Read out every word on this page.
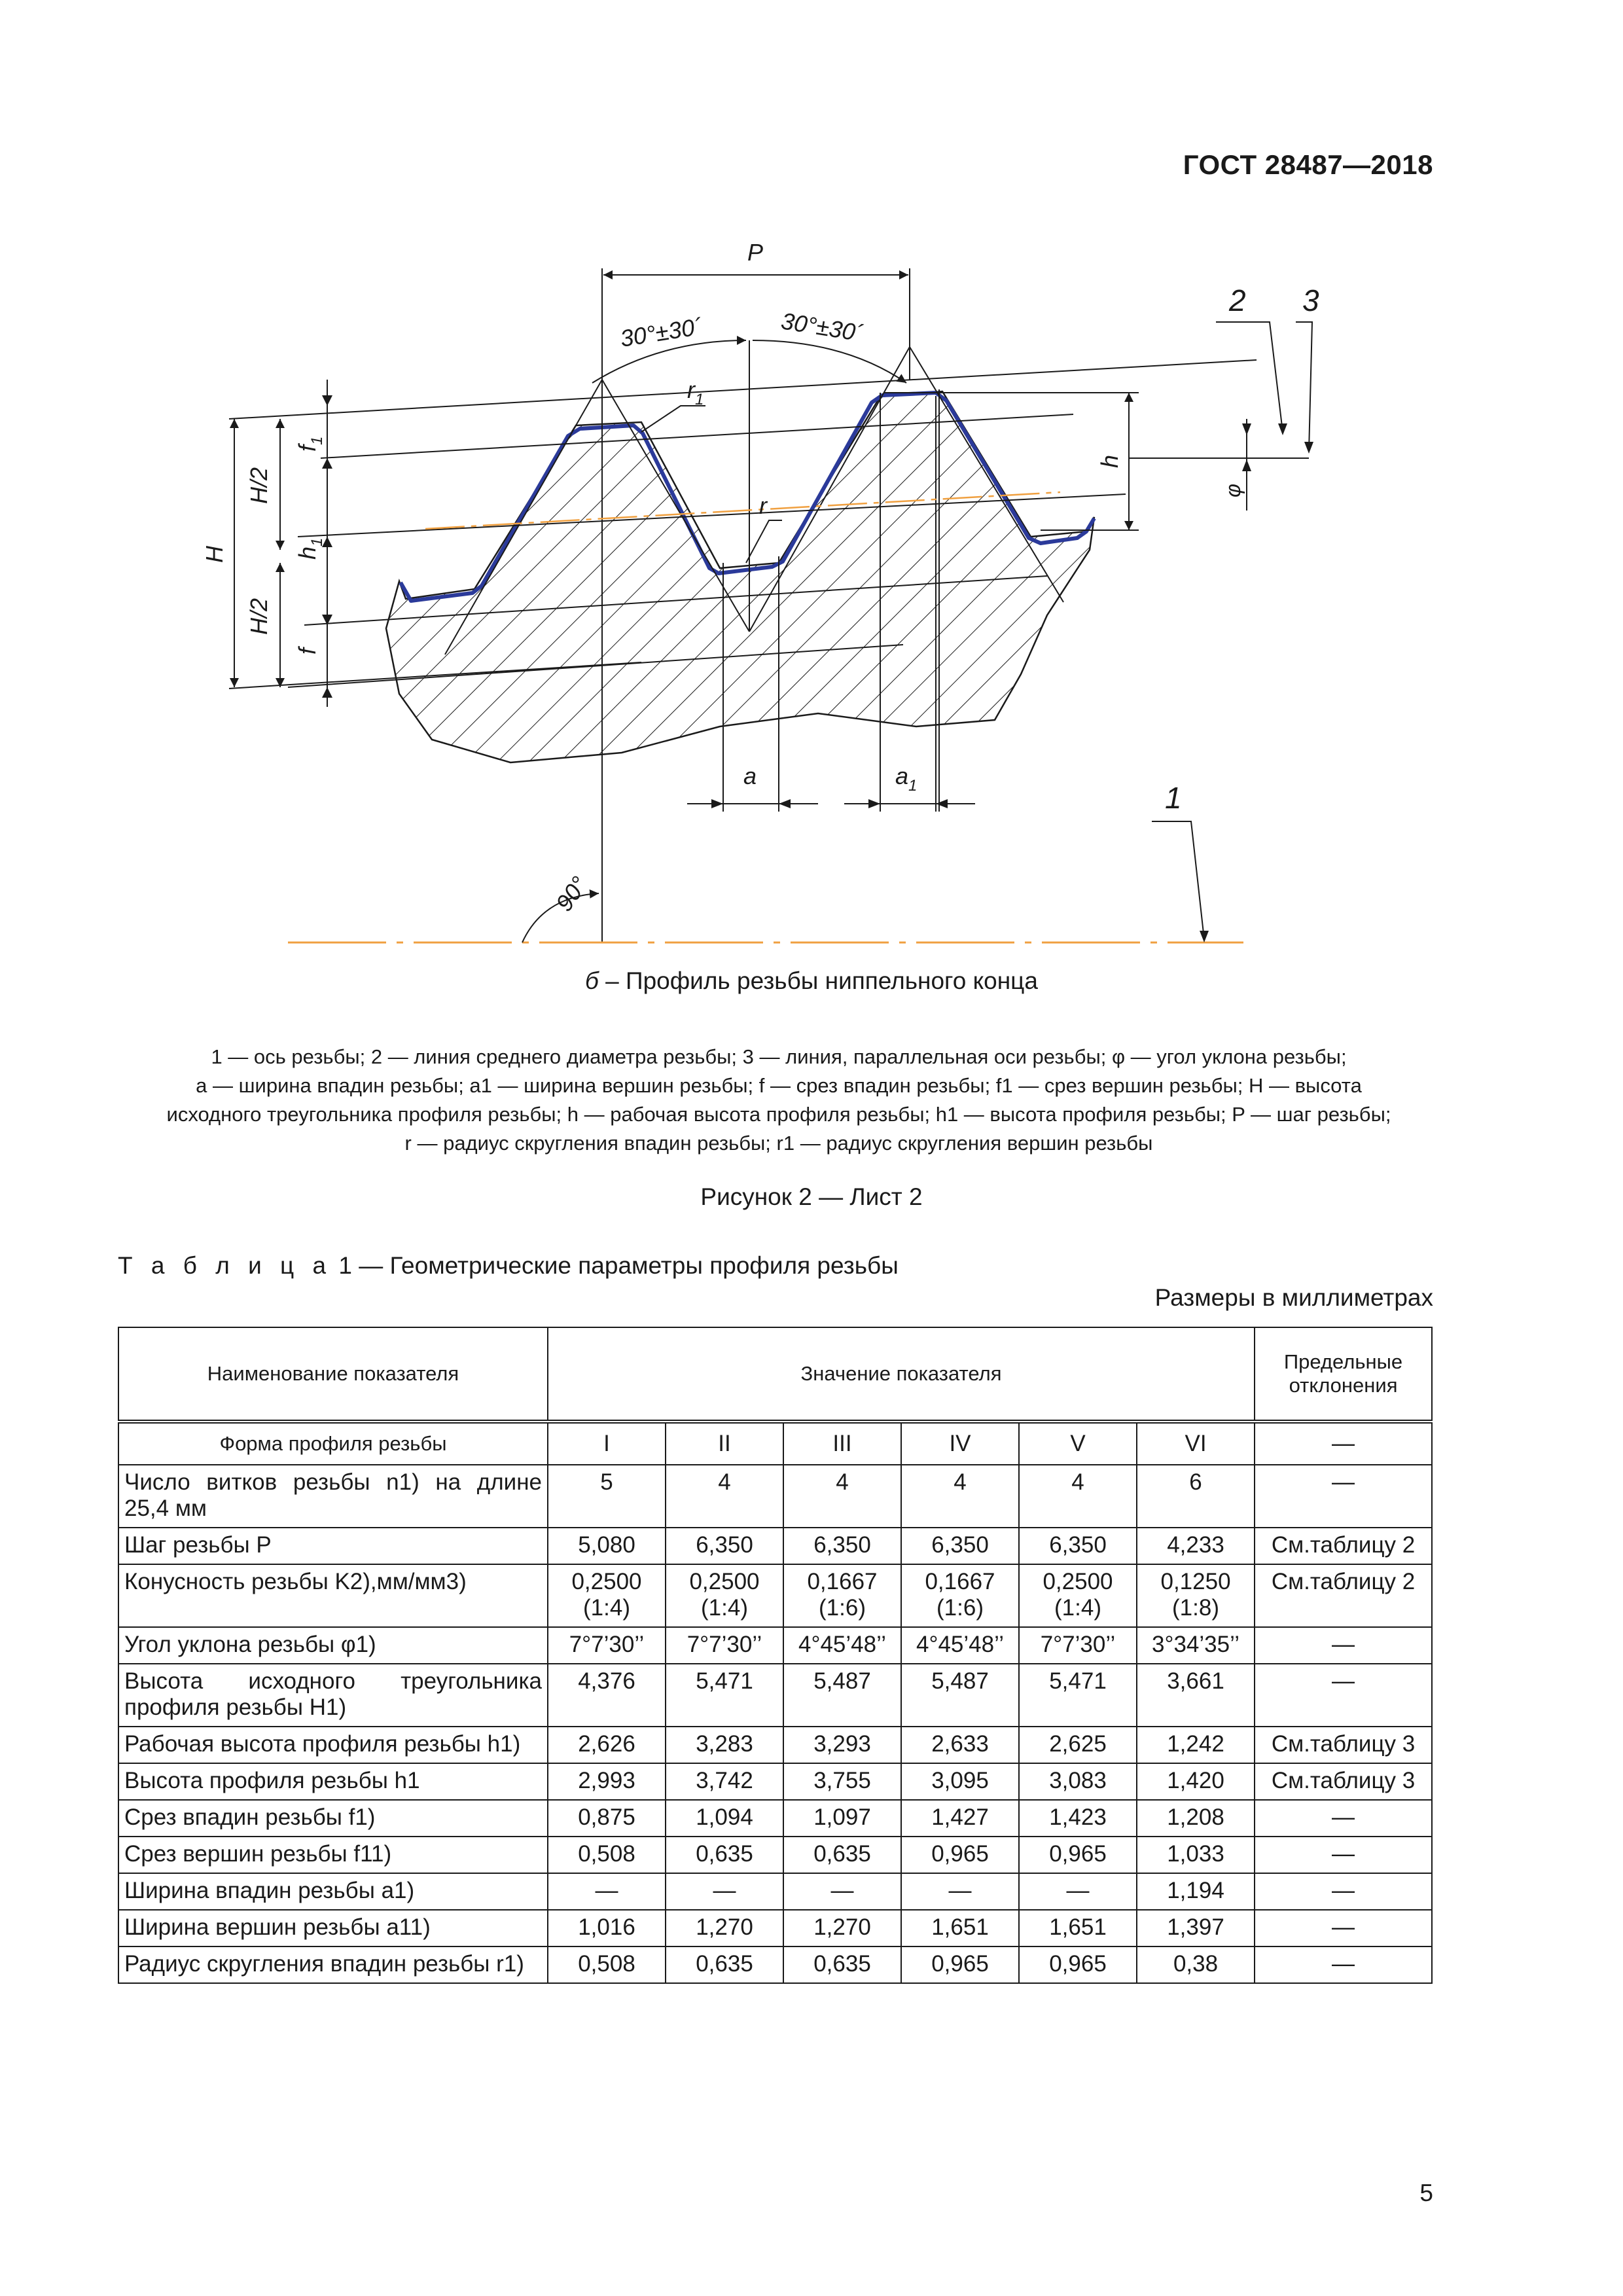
ГОСТ 28487—2018
P
30°±30´	30°±30´
$r_1$
r
H
H/2
H/2
$f_1$
$h_1$
f
h
φ
a	$a_1$
90°
1
2 3
б – Профиль резьбы ниппельного конца
1 — ось резьбы; 2 — линия среднего диаметра резьбы; 3 — линия, параллельная оси резьбы; φ — угол уклона резьбы;
a — ширина впадин резьбы; a1 — ширина вершин резьбы; f — срез впадин резьбы; f1 — срез вершин резьбы; H — высота
исходного треугольника профиля резьбы; h — рабочая высота профиля резьбы; h1 — высота профиля резьбы; P — шаг резьбы;
r — радиус скругления впадин резьбы; r1 — радиус скругления вершин резьбы
Рисунок 2 — Лист 2
Т а б л и ц а 1 — Геометрические параметры профиля резьбы
Размеры в миллиметрах
Наименование показателя	Значение показателя						Предельные отклонения
Форма профиля резьбы	I	II	III	IV	V	VI	—
Число витков резьбы n1) на длине 25,4 мм	5	4	4	4	4	6	—
Шаг резьбы P	5,080	6,350	6,350	6,350	6,350	4,233	См.таблицу 2
Конусность резьбы K2),мм/мм3)	0,2500 (1:4)	0,2500 (1:4)	0,1667 (1:6)	0,1667 (1:6)	0,2500 (1:4)	0,1250 (1:8)	См.таблицу 2
Угол уклона резьбы φ1)	7°7’30’’	7°7’30’’	4°45’48’’	4°45’48’’	7°7’30’’	3°34’35’’	—
Высота исходного треугольника профиля резьбы H1)	4,376	5,471	5,487	5,487	5,471	3,661	—
Рабочая высота профиля резьбы h1)	2,626	3,283	3,293	2,633	2,625	1,242	См.таблицу 3
Высота профиля резьбы h1	2,993	3,742	3,755	3,095	3,083	1,420	См.таблицу 3
Срез впадин резьбы f1)	0,875	1,094	1,097	1,427	1,423	1,208	—
Срез вершин резьбы f11)	0,508	0,635	0,635	0,965	0,965	1,033	—
Ширина впадин резьбы a1)	—	—	—	—	—	1,194	—
Ширина вершин резьбы a11)	1,016	1,270	1,270	1,651	1,651	1,397	—
Радиус скругления впадин резьбы r1)	0,508	0,635	0,635	0,965	0,965	0,38	—
5
